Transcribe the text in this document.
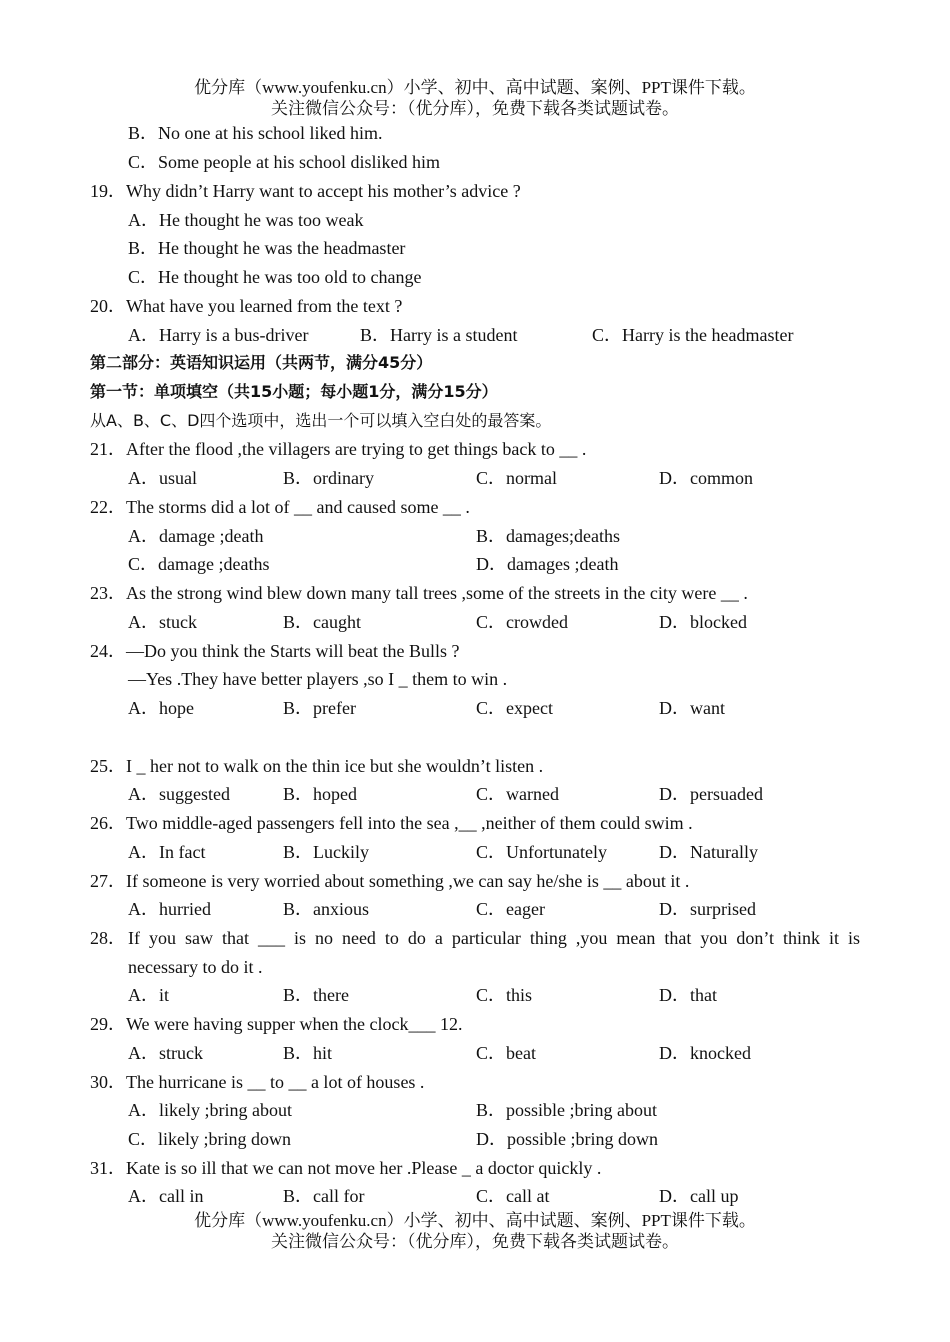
优分库（www.youfenku.cn）小学、初中、高中试题、案例、PPT课件下载。
关注微信公众号：（优分库），免费下载各类试题试卷。
B．No one at his school liked him.
C．Some people at his school disliked him
19．Why didn’t Harry want to accept his mother’s advice ?
A．He thought he was too weak
B．He thought he was the headmaster
C．He thought he was too old to change
20．What have you learned from the text ?
A．Harry is a bus-driver	B．Harry is a student	C．Harry is the headmaster
第二部分：英语知识运用（共两节，满分45分）
第一节：单项填空（共15小题；每小题1分，满分15分）
从A、B、C、D四个选项中，选出一个可以填入空白处的最答案。
21．After the flood ,the villagers are trying to get things back to __ .
A．usual	B．ordinary	C．normal	D．common
22．The storms did a lot of __ and caused some __ .
A．damage ;death	B．damages;deaths
C．damage ;deaths	D．damages ;death
23．As the strong wind blew down many tall trees ,some of the streets in the city were __ .
A．stuck	B．caught	C．crowded	D．blocked
24．—Do you think the Starts will beat the Bulls ?
—Yes .They have better players ,so I _ them to win .
A．hope	B．prefer	C．expect	D．want
25．I _ her not to walk on the thin ice but she wouldn’t listen .
A．suggested	B．hoped	C．warned	D．persuaded
26．Two middle-aged passengers fell into the sea ,__ ,neither of them could swim .
A．In fact	B．Luckily	C．Unfortunately	D．Naturally
27．If someone is very worried about something ,we can say he/she is __ about it .
A．hurried	B．anxious	C．eager	D．surprised
28． If you saw that ___ is no need to do a particular thing ,you mean that you don’t think it is
necessary to do it .
A．it	B．there	C．this	D．that
29．We were having supper when the clock___ 12.
A．struck	B．hit	C．beat	D．knocked
30．The hurricane is __ to __ a lot of houses .
A．likely ;bring about	B．possible ;bring about
C．likely ;bring down	D．possible ;bring down
31．Kate is so ill that we can not move her .Please _ a doctor quickly .
A．call in	B．call for	C．call at	D．call up
优分库（www.youfenku.cn）小学、初中、高中试题、案例、PPT课件下载。
关注微信公众号：（优分库），免费下载各类试题试卷。
